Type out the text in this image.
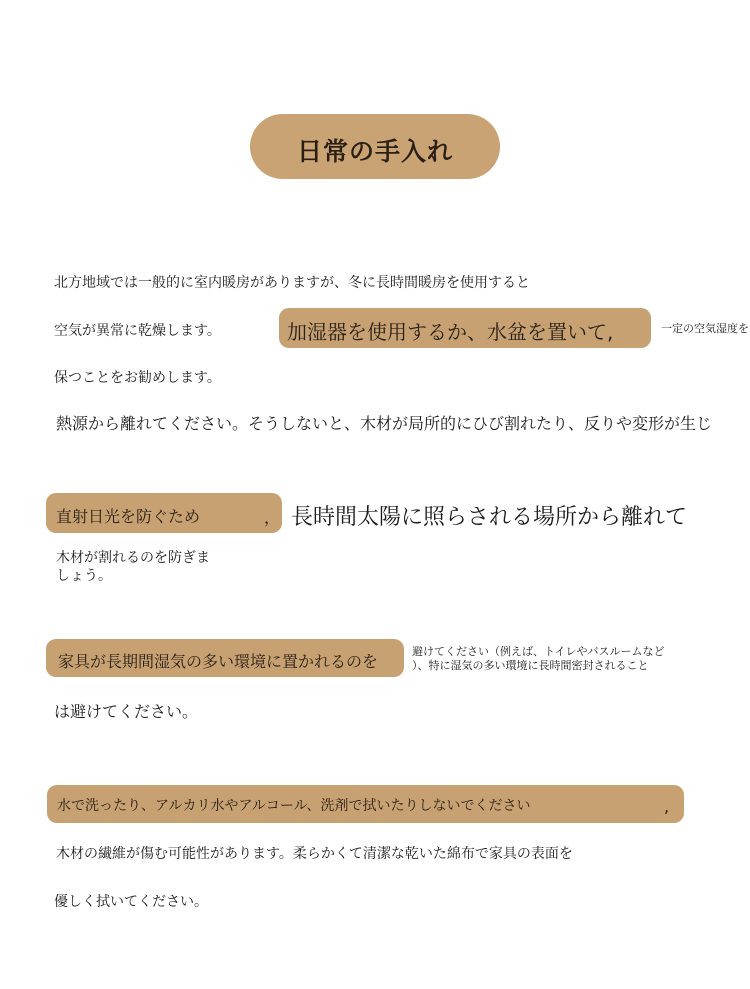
日常の手入れ
北方地域では一般的に室内暖房がありますが、冬に長時間暖房を使用すると
空気が異常に乾燥します。	加湿器を使用するか、水盆を置いて,	一定の空気湿度を
保つことをお勧めします。
熱源から離れてください。そうしないと、木材が局所的にひび割れたり、反りや変形が生じ
直射日光を防ぐため	， 長時間太陽に照らされる場所から離れて
木材が割れるのを防ぎま
しょう。
家具が長期間湿気の多い環境に置かれるのを
避けてください（例えば、トイレやバスルームなど
）、特に湿気の多い環境に長時間密封されること
は避けてください。
水で洗ったり、アルカリ水やアルコール、洗剤で拭いたりしないでください	,
木材の繊維が傷む可能性があります。柔らかくて清潔な乾いた綿布で家具の表面を
優しく拭いてください。
